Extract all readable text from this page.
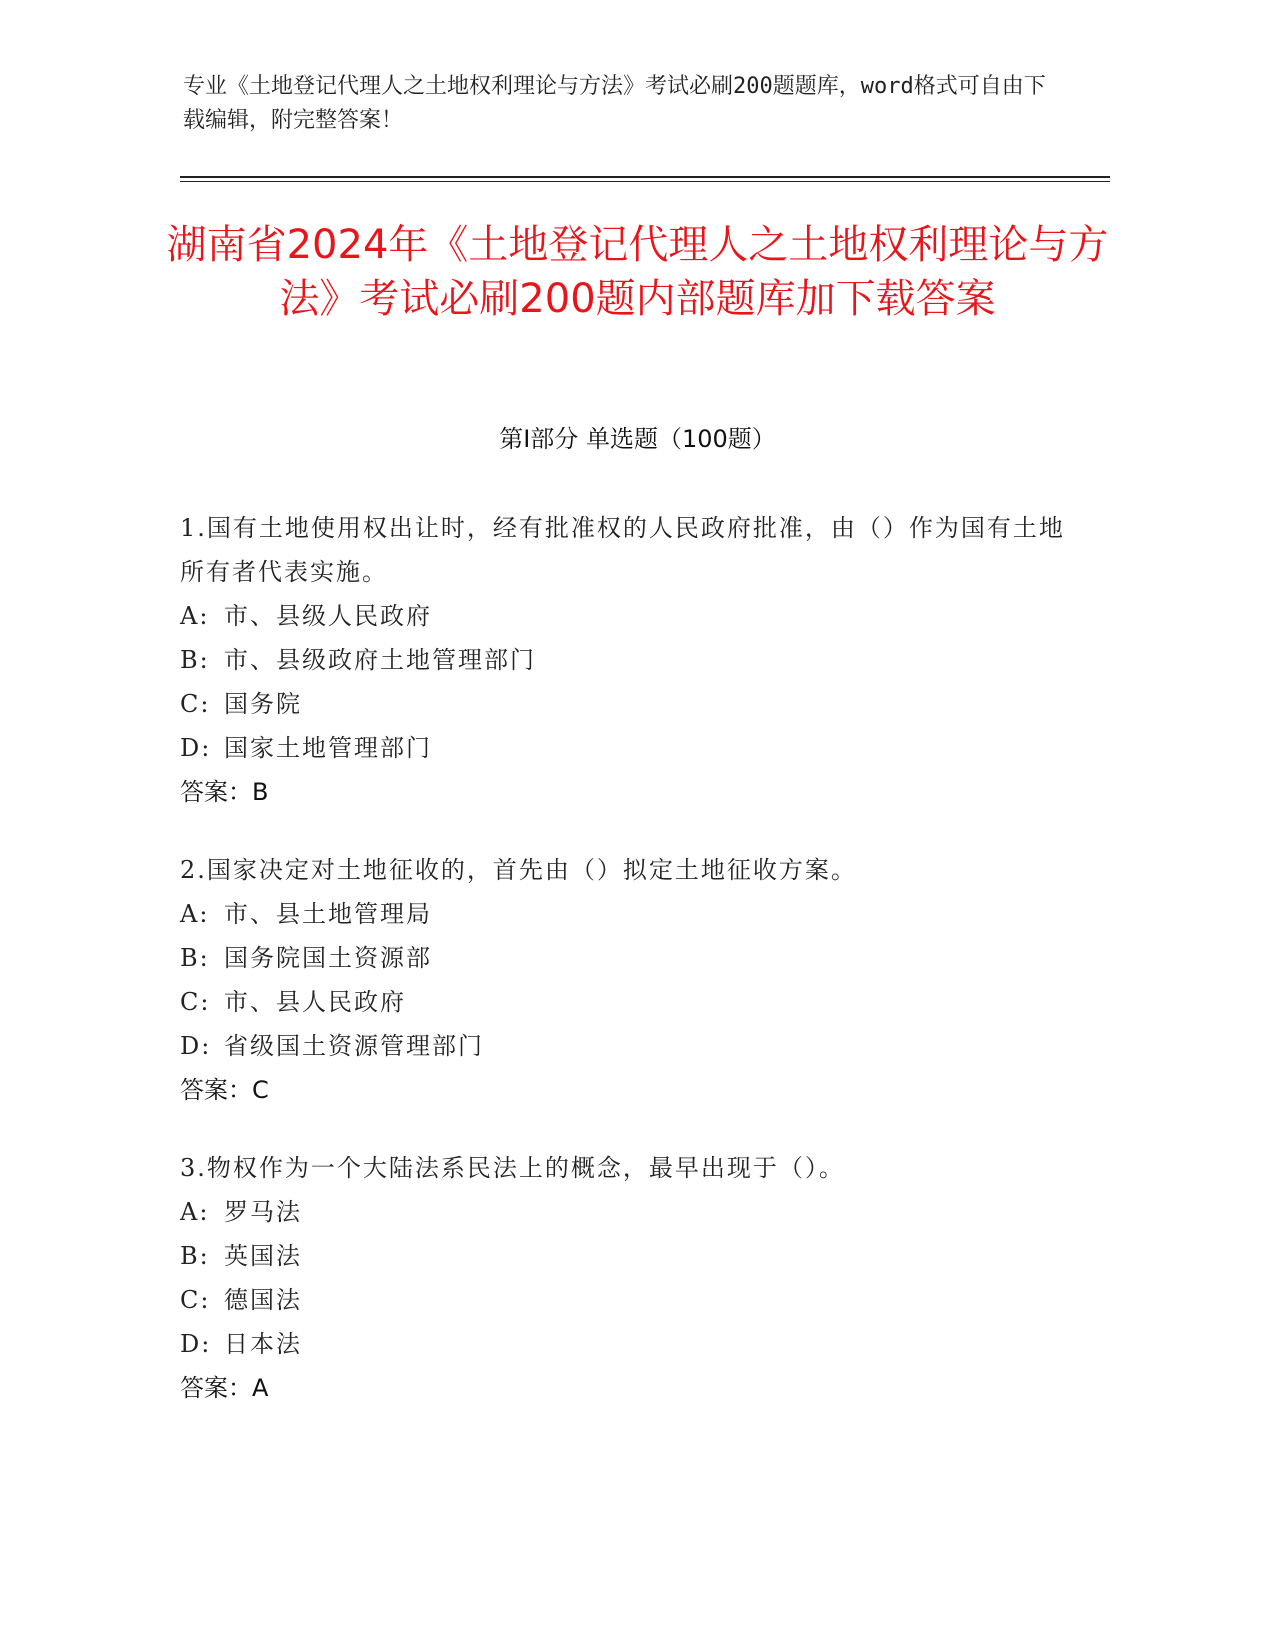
专业《土地登记代理人之土地权利理论与方法》考试必刷200题题库，word格式可自由下载编辑，附完整答案！
湖南省2024年《土地登记代理人之土地权利理论与方法》考试必刷200题内部题库加下载答案
第I部分 单选题（100题）
1.国有土地使用权出让时，经有批准权的人民政府批准，由（）作为国有土地所有者代表实施。
A: 市、县级人民政府
B: 市、县级政府土地管理部门
C: 国务院
D: 国家土地管理部门
答案：B
2.国家决定对土地征收的，首先由（）拟定土地征收方案。
A: 市、县土地管理局
B: 国务院国土资源部
C: 市、县人民政府
D: 省级国土资源管理部门
答案：C
3.物权作为一个大陆法系民法上的概念，最早出现于（）。
A: 罗马法
B: 英国法
C: 德国法
D: 日本法
答案：A
